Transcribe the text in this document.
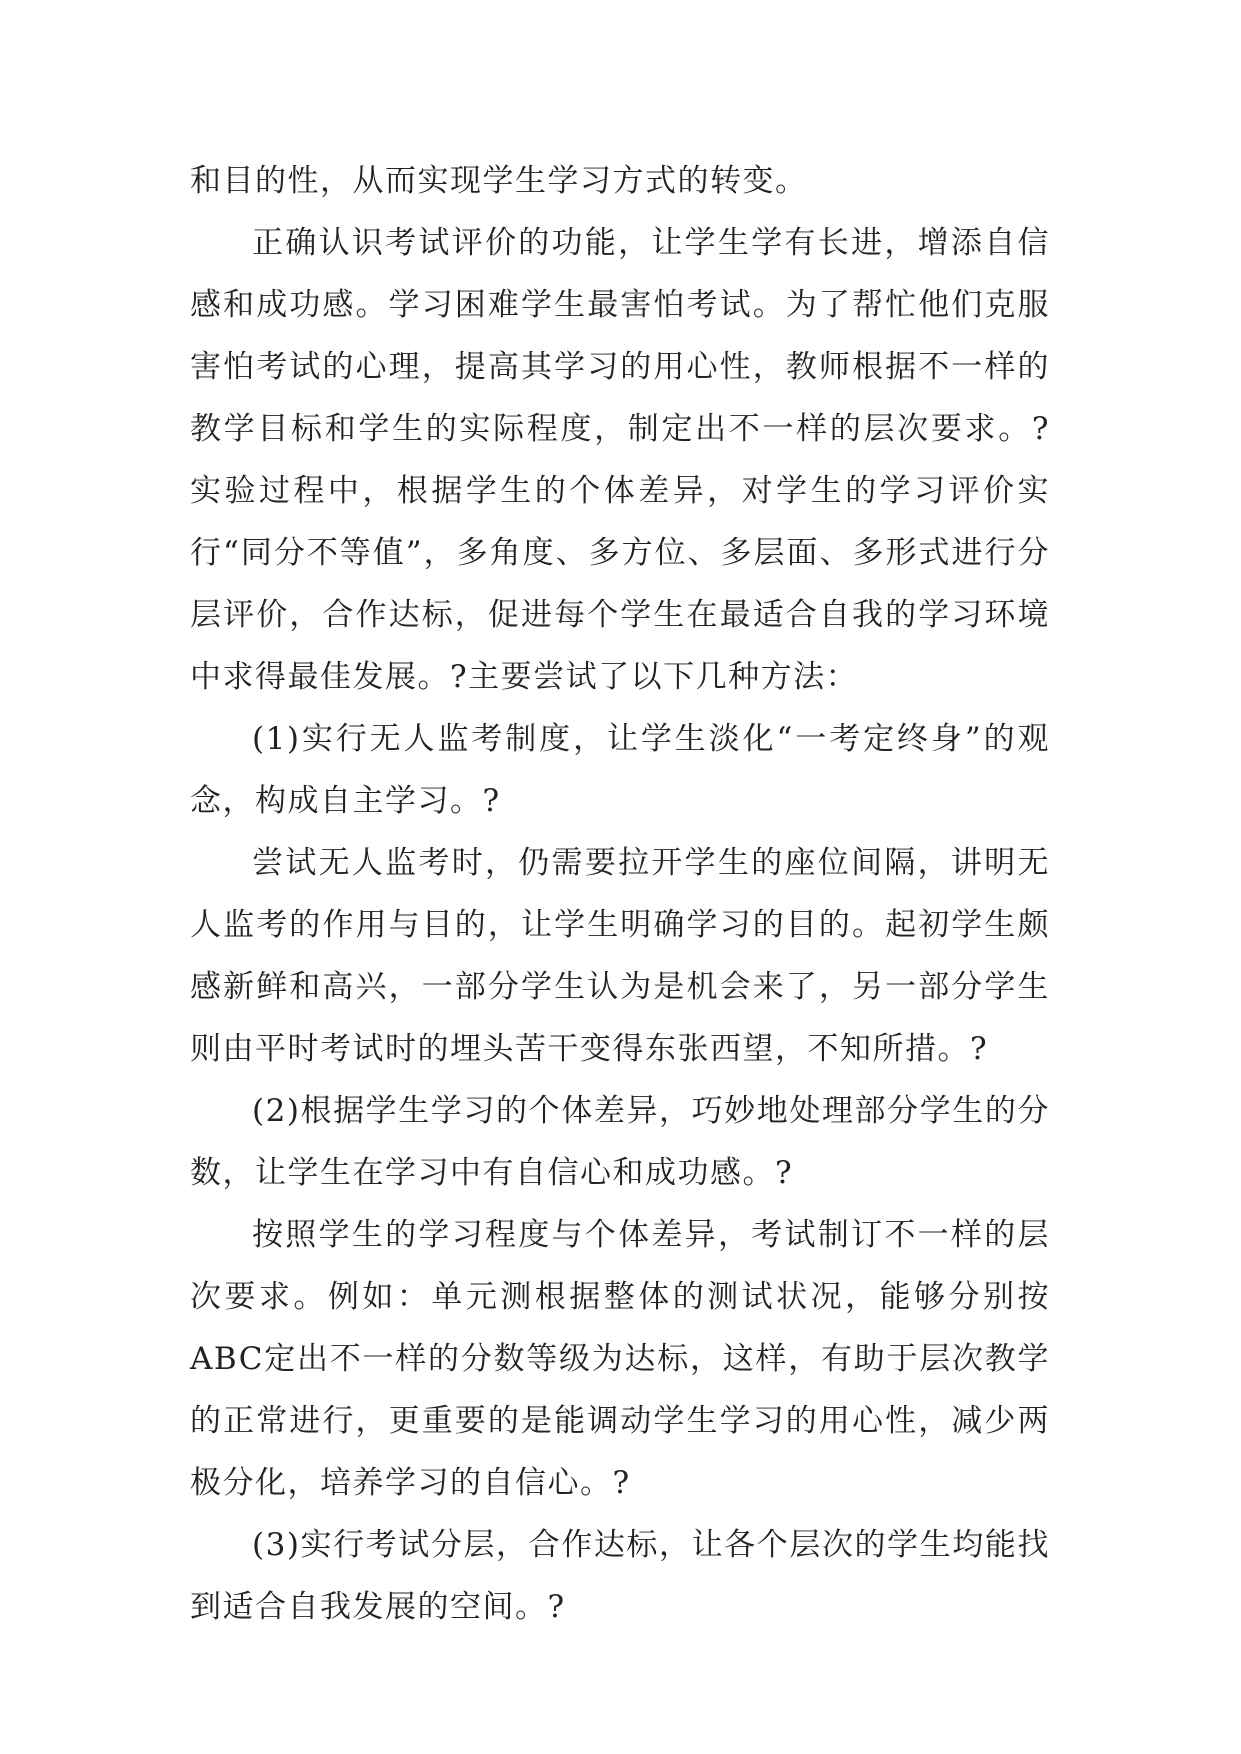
和目的性，从而实现学生学习方式的转变。

正确认识考试评价的功能，让学生学有长进，增添自信感和成功感。学习困难学生最害怕考试。为了帮忙他们克服害怕考试的心理，提高其学习的用心性，教师根据不一样的教学目标和学生的实际程度，制定出不一样的层次要求。?实验过程中，根据学生的个体差异，对学生的学习评价实行“同分不等值”，多角度、多方位、多层面、多形式进行分层评价，合作达标，促进每个学生在最适合自我的学习环境中求得最佳发展。?主要尝试了以下几种方法：

(1)实行无人监考制度，让学生淡化“一考定终身”的观念，构成自主学习。?

尝试无人监考时，仍需要拉开学生的座位间隔，讲明无人监考的作用与目的，让学生明确学习的目的。起初学生颇感新鲜和高兴，一部分学生认为是机会来了，另一部分学生则由平时考试时的埋头苦干变得东张西望，不知所措。?

(2)根据学生学习的个体差异，巧妙地处理部分学生的分数，让学生在学习中有自信心和成功感。?

按照学生的学习程度与个体差异，考试制订不一样的层次要求。例如：单元测根据整体的测试状况，能够分别按ABC定出不一样的分数等级为达标，这样，有助于层次教学的正常进行，更重要的是能调动学生学习的用心性，减少两极分化，培养学习的自信心。?

(3)实行考试分层，合作达标，让各个层次的学生均能找到适合自我发展的空间。?
